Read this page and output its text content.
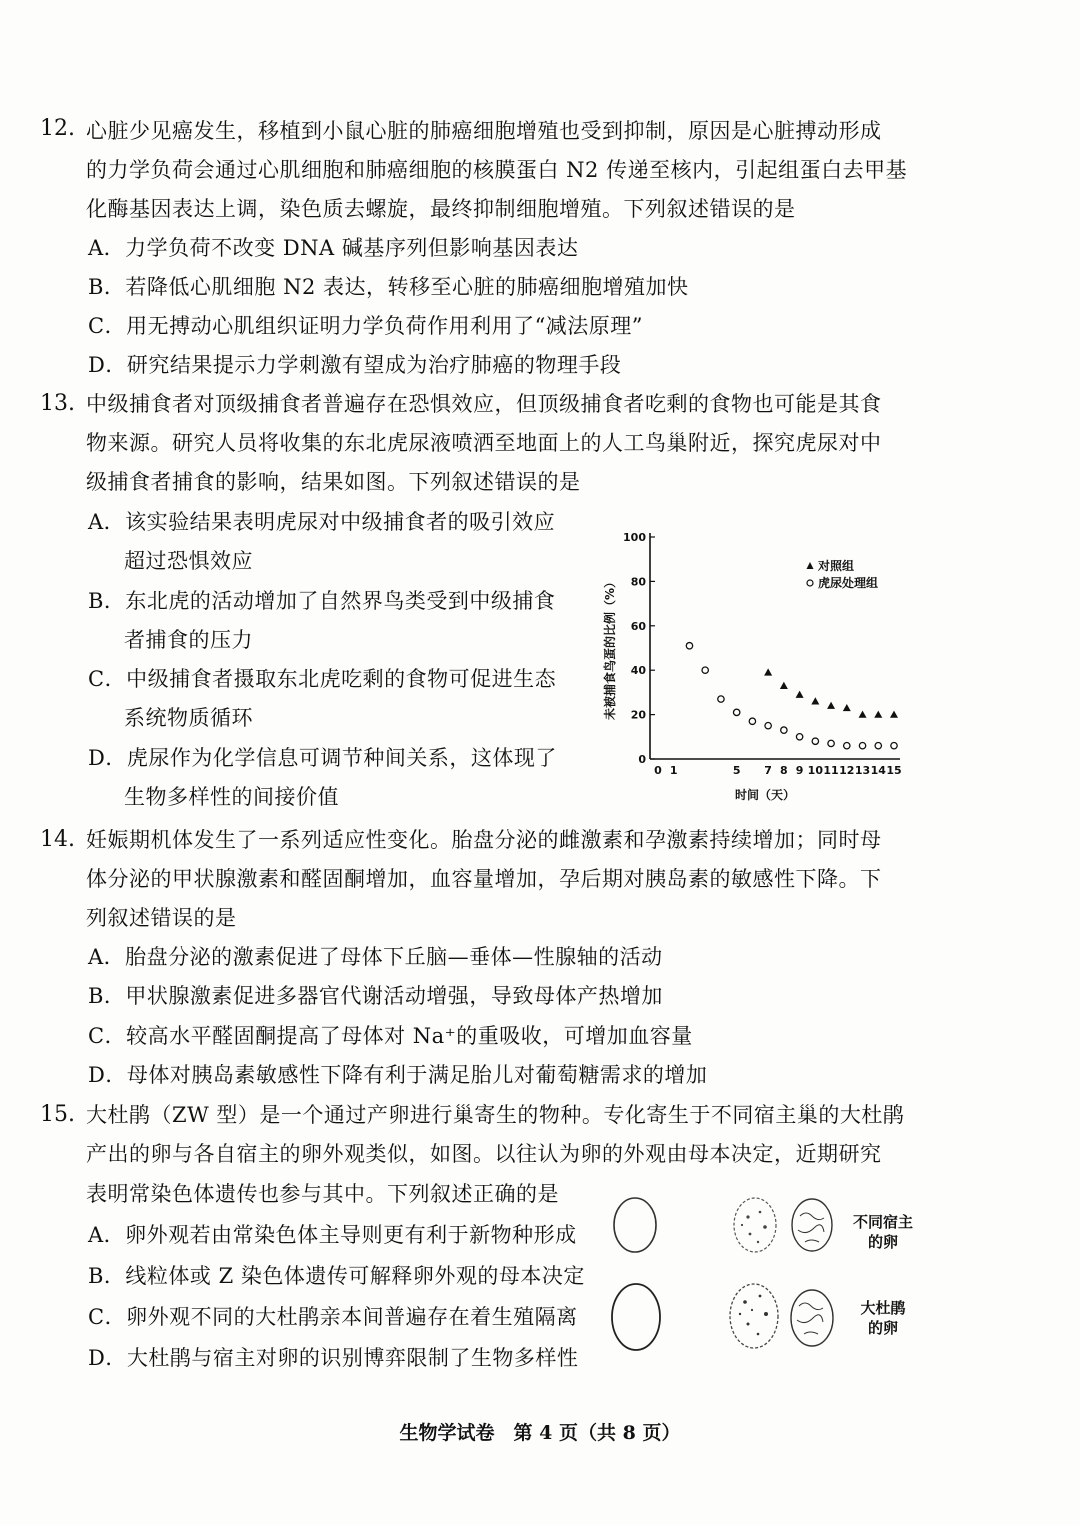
12. 心脏少见癌发生，移植到小鼠心脏的肺癌细胞增殖也受到抑制，原因是心脏搏动形成
的力学负荷会通过心肌细胞和肺癌细胞的核膜蛋白 N2 传递至核内，引起组蛋白去甲基
化酶基因表达上调，染色质去螺旋，最终抑制细胞增殖。下列叙述错误的是
A．力学负荷不改变 DNA 碱基序列但影响基因表达
B．若降低心肌细胞 N2 表达，转移至心脏的肺癌细胞增殖加快
C．用无搏动心肌组织证明力学负荷作用利用了“减法原理”
D．研究结果提示力学刺激有望成为治疗肺癌的物理手段
13. 中级捕食者对顶级捕食者普遍存在恐惧效应，但顶级捕食者吃剩的食物也可能是其食
物来源。研究人员将收集的东北虎尿液喷洒至地面上的人工鸟巢附近，探究虎尿对中
级捕食者捕食的影响，结果如图。下列叙述错误的是
A．该实验结果表明虎尿对中级捕食者的吸引效应
超过恐惧效应
B．东北虎的活动增加了自然界鸟类受到中级捕食
者捕食的压力
C．中级捕食者摄取东北虎吃剩的食物可促进生态
系统物质循环
D．虎尿作为化学信息可调节种间关系，这体现了
生物多样性的间接价值
0
20
40
60
80
100
0 1	5 7 8 9 10 11 12 13 14 15
时间（天）
未被捕食鸟蛋的比例（%）
对照组
虎尿处理组
14. 妊娠期机体发生了一系列适应性变化。胎盘分泌的雌激素和孕激素持续增加；同时母
体分泌的甲状腺激素和醛固酮增加，血容量增加，孕后期对胰岛素的敏感性下降。下
列叙述错误的是
A．胎盘分泌的激素促进了母体下丘脑—垂体—性腺轴的活动
B．甲状腺激素促进多器官代谢活动增强，导致母体产热增加
C．较高水平醛固酮提高了母体对 Na⁺的重吸收，可增加血容量
D．母体对胰岛素敏感性下降有利于满足胎儿对葡萄糖需求的增加
15. 大杜鹃（ZW 型）是一个通过产卵进行巢寄生的物种。专化寄生于不同宿主巢的大杜鹃
产出的卵与各自宿主的卵外观类似，如图。以往认为卵的外观由母本决定，近期研究
表明常染色体遗传也参与其中。下列叙述正确的是
A．卵外观若由常染色体主导则更有利于新物种形成
B．线粒体或 Z 染色体遗传可解释卵外观的母本决定
C．卵外观不同的大杜鹃亲本间普遍存在着生殖隔离
D．大杜鹃与宿主对卵的识别博弈限制了生物多样性
不同宿主
的卵
大杜鹃
的卵
生物学试卷　第 4 页（共 8 页）
